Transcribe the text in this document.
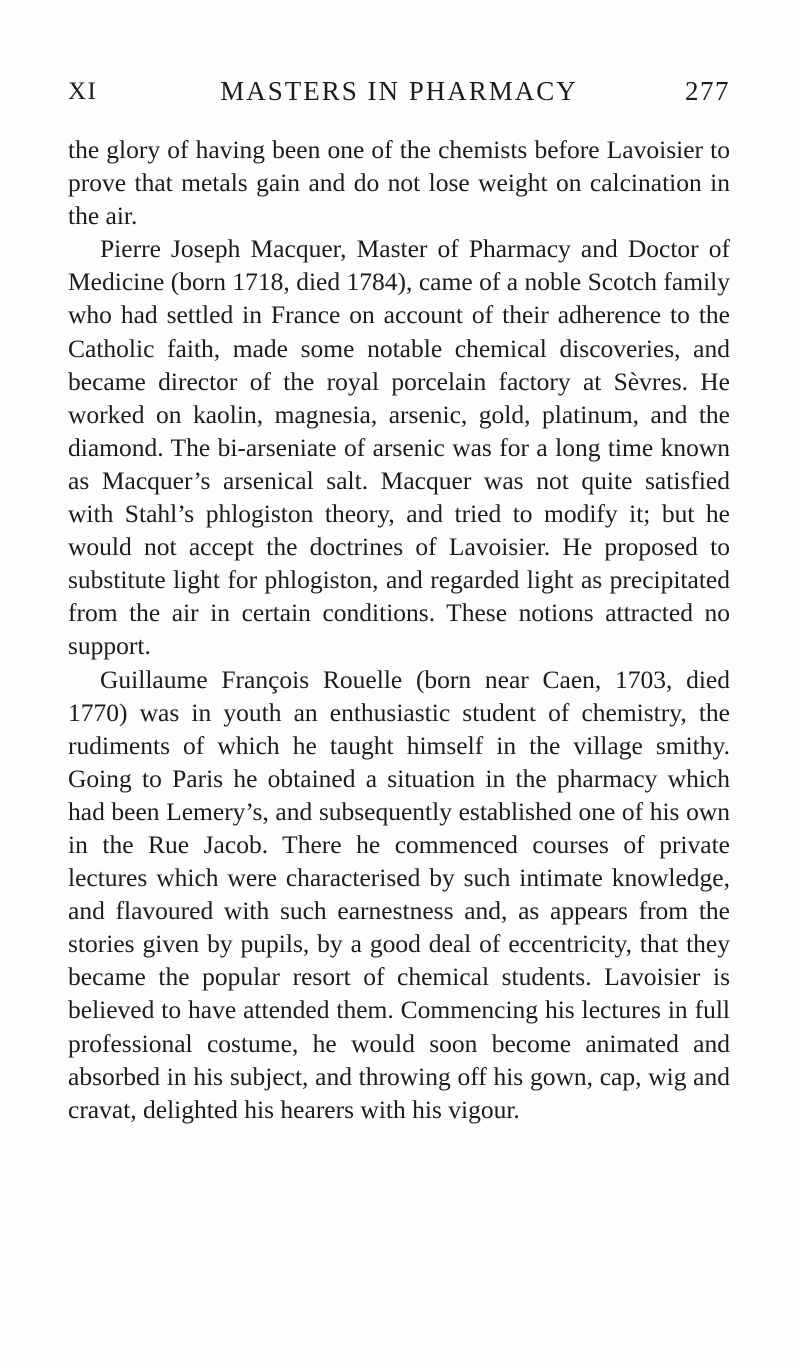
XI	MASTERS IN PHARMACY	277

the glory of having been one of the chemists before Lavoisier to prove that metals gain and do not lose weight on calcination in the air.

Pierre Joseph Macquer, Master of Pharmacy and Doctor of Medicine (born 1718, died 1784), came of a noble Scotch family who had settled in France on account of their adherence to the Catholic faith, made some notable chemical discoveries, and became director of the royal porcelain factory at Sèvres. He worked on kaolin, magnesia, arsenic, gold, platinum, and the diamond. The bi-arseniate of arsenic was for a long time known as Macquer’s arsenical salt. Macquer was not quite satisfied with Stahl’s phlogiston theory, and tried to modify it; but he would not accept the doctrines of Lavoisier. He proposed to substitute light for phlogiston, and regarded light as precipitated from the air in certain conditions. These notions attracted no support.

Guillaume François Rouelle (born near Caen, 1703, died 1770) was in youth an enthusiastic student of chemistry, the rudiments of which he taught himself in the village smithy. Going to Paris he obtained a situation in the pharmacy which had been Lemery’s, and subsequently established one of his own in the Rue Jacob. There he commenced courses of private lectures which were characterised by such intimate knowledge, and flavoured with such earnestness and, as appears from the stories given by pupils, by a good deal of eccentricity, that they became the popular resort of chemical students. Lavoisier is believed to have attended them. Commencing his lectures in full professional costume, he would soon become animated and absorbed in his subject, and throwing off his gown, cap, wig and cravat, delighted his hearers with his vigour.
